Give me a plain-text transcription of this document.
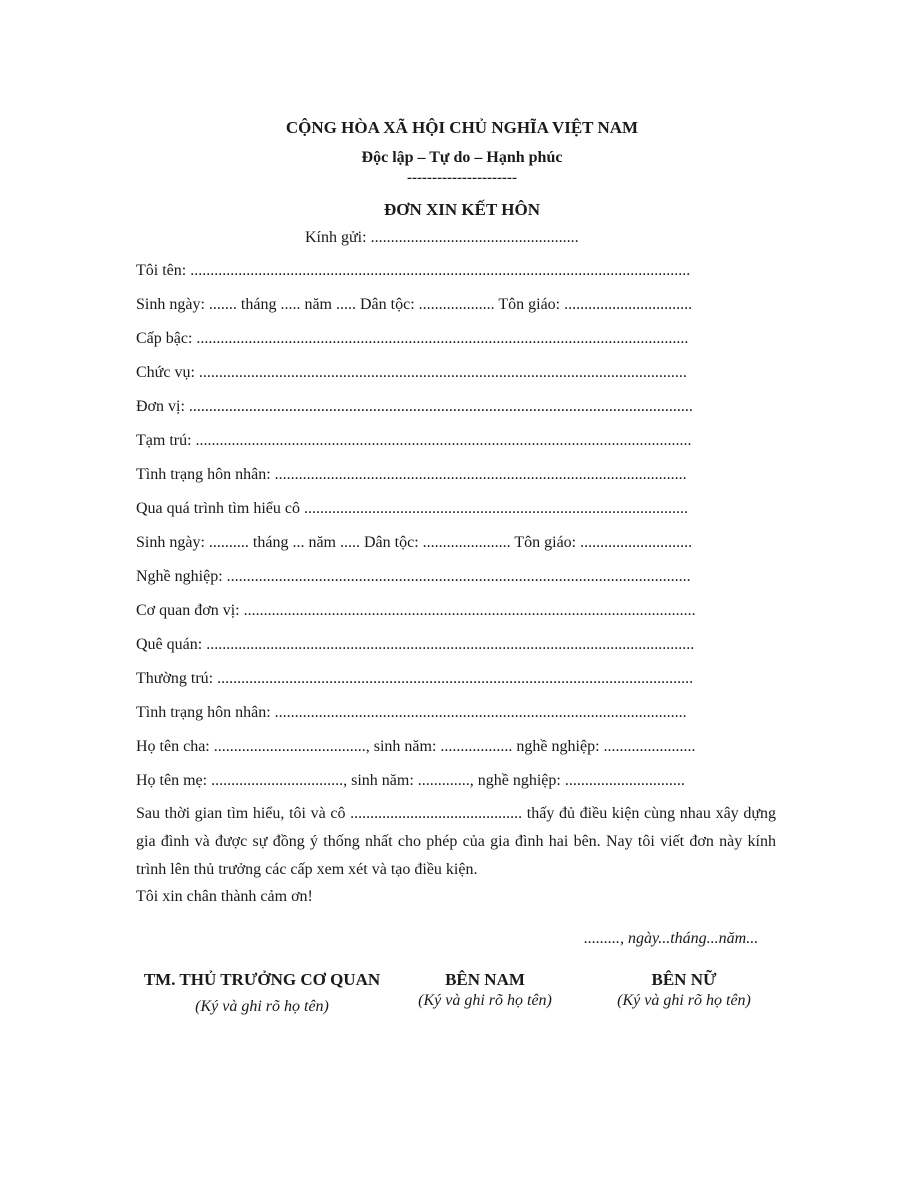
CỘNG HÒA XÃ HỘI CHỦ NGHĨA VIỆT NAM
Độc lập – Tự do – Hạnh phúc
----------------------
ĐƠN XIN KẾT HÔN
Kính gửi: ....................................................
Tôi tên: .............................................................................................................................
Sinh ngày: ....... tháng ..... năm ..... Dân tộc: ................... Tôn giáo: ................................
Cấp bậc: ...........................................................................................................................
Chức vụ: ..........................................................................................................................
Đơn vị: ..............................................................................................................................
Tạm trú: ............................................................................................................................
Tình trạng hôn nhân: .......................................................................................................
Qua quá trình tìm hiểu cô ................................................................................................
Sinh ngày: .......... tháng ... năm ..... Dân tộc: ...................... Tôn giáo: ............................
Nghề nghiệp: ....................................................................................................................
Cơ quan đơn vị: .................................................................................................................
Quê quán: ..........................................................................................................................
Thường trú: .......................................................................................................................
Tình trạng hôn nhân: .......................................................................................................
Họ tên cha: ......................................, sinh năm: .................. nghề nghiệp: .......................
Họ tên mẹ: ................................., sinh năm: ............., nghề nghiệp: ..............................
Sau thời gian tìm hiểu, tôi và cô ........................................... thấy đủ điều kiện cùng nhau xây dựng gia đình và được sự đồng ý thống nhất cho phép của gia đình hai bên. Nay tôi viết đơn này kính trình lên thủ trưởng các cấp xem xét và tạo điều kiện.
Tôi xin chân thành cảm ơn!
........., ngày...tháng...năm...
TM. THỦ TRƯỞNG CƠ QUAN
(Ký và ghi rõ họ tên)
BÊN NAM
(Ký và ghi rõ họ tên)
BÊN NỮ
(Ký và ghi rõ họ tên)
